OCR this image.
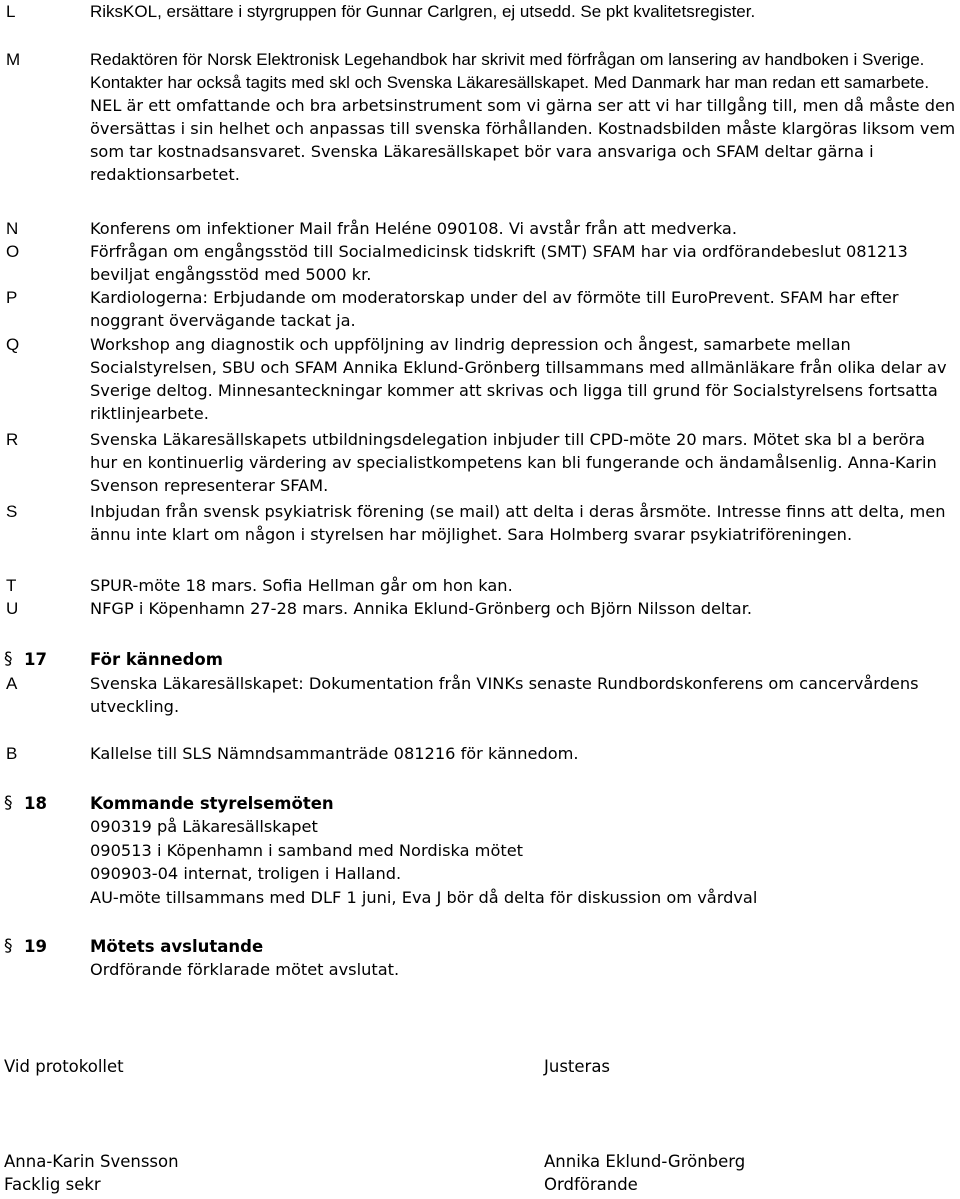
L	RiksKOL, ersättare i styrgruppen för Gunnar Carlgren, ej utsedd. Se pkt kvalitetsregister.

M	Redaktören för Norsk Elektronisk Legehandbok har skrivit med förfrågan om lansering av handboken i Sverige. Kontakter har också tagits med skl och Svenska Läkaresällskapet. Med Danmark har man redan ett samarbete. NEL är ett omfattande och bra arbetsinstrument som vi gärna ser att vi har tillgång till, men då måste den översättas i sin helhet och anpassas till svenska förhållanden. Kostnadsbilden måste klargöras liksom vem som tar kostnadsansvaret. Svenska Läkaresällskapet bör vara ansvariga och SFAM deltar gärna i redaktionsarbetet.

N	Konferens om infektioner Mail från Heléne 090108. Vi avstår från att medverka.

O	Förfrågan om engångsstöd till Socialmedicinsk tidskrift (SMT) SFAM har via ordförandebeslut 081213 beviljat engångsstöd med 5000 kr.

P	Kardiologerna: Erbjudande om moderatorskap under del av förmöte till EuroPrevent. SFAM har efter noggrant övervägande tackat ja.

Q	Workshop ang diagnostik och uppföljning av lindrig depression och ångest, samarbete mellan Socialstyrelsen, SBU och SFAM Annika Eklund-Grönberg tillsammans med allmänläkare från olika delar av Sverige deltog. Minnesanteckningar kommer att skrivas och ligga till grund för Socialstyrelsens fortsatta riktlinjearbete.

R	Svenska Läkaresällskapets utbildningsdelegation inbjuder till CPD-möte 20 mars. Mötet ska bl a beröra hur en kontinuerlig värdering av specialistkompetens kan bli fungerande och ändamålsenlig. Anna-Karin Svenson representerar SFAM.

S	Inbjudan från svensk psykiatrisk förening (se mail) att delta i deras årsmöte. Intresse finns att delta, men ännu inte klart om någon i styrelsen har möjlighet. Sara Holmberg svarar psykiatriföreningen.

T	SPUR-möte 18 mars. Sofia Hellman går om hon kan.

U	NFGP i Köpenhamn 27-28 mars. Annika Eklund-Grönberg och Björn Nilsson deltar.

§ 17	För kännedom
A	Svenska Läkaresällskapet: Dokumentation från VINKs senaste Rundbordskonferens om cancervårdens utveckling.

B	Kallelse till SLS Nämndsammanträde 081216 för kännedom.

§ 18	Kommande styrelsemöten
090319 på Läkaresällskapet
090513 i Köpenhamn i samband med Nordiska mötet
090903-04 internat, troligen i Halland.
AU-möte tillsammans med DLF 1 juni, Eva J bör då delta för diskussion om vårdval
§ 19	Mötets avslutande
Ordförande förklarade mötet avslutat.
Vid protokollet	Justeras
Anna-Karin Svensson
Facklig sekr
Annika Eklund-Grönberg
Ordförande
